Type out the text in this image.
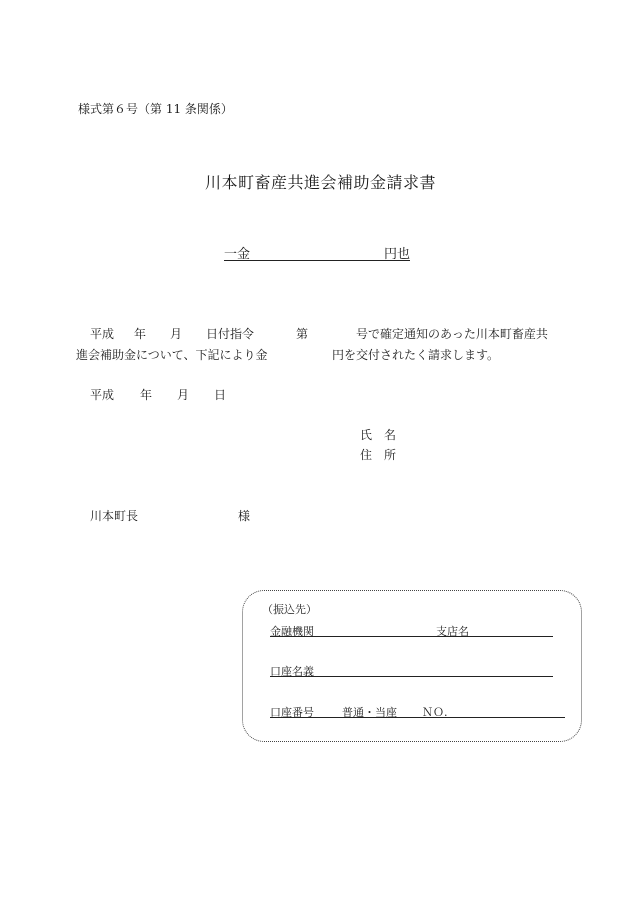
様式第６号（第 11 条関係）
川本町畜産共進会補助金請求書
一金	円也
平成 年 月 日付指令	第	号で確定通知のあった川本町畜産共
進会補助金について、下記により金	円を交付されたく請求します。
平成 年 月 日
氏　名
住　所
川本町長	様
（振込先）
金融機関	支店名
口座名義
口座番号	普通・当座 ＮＯ.
